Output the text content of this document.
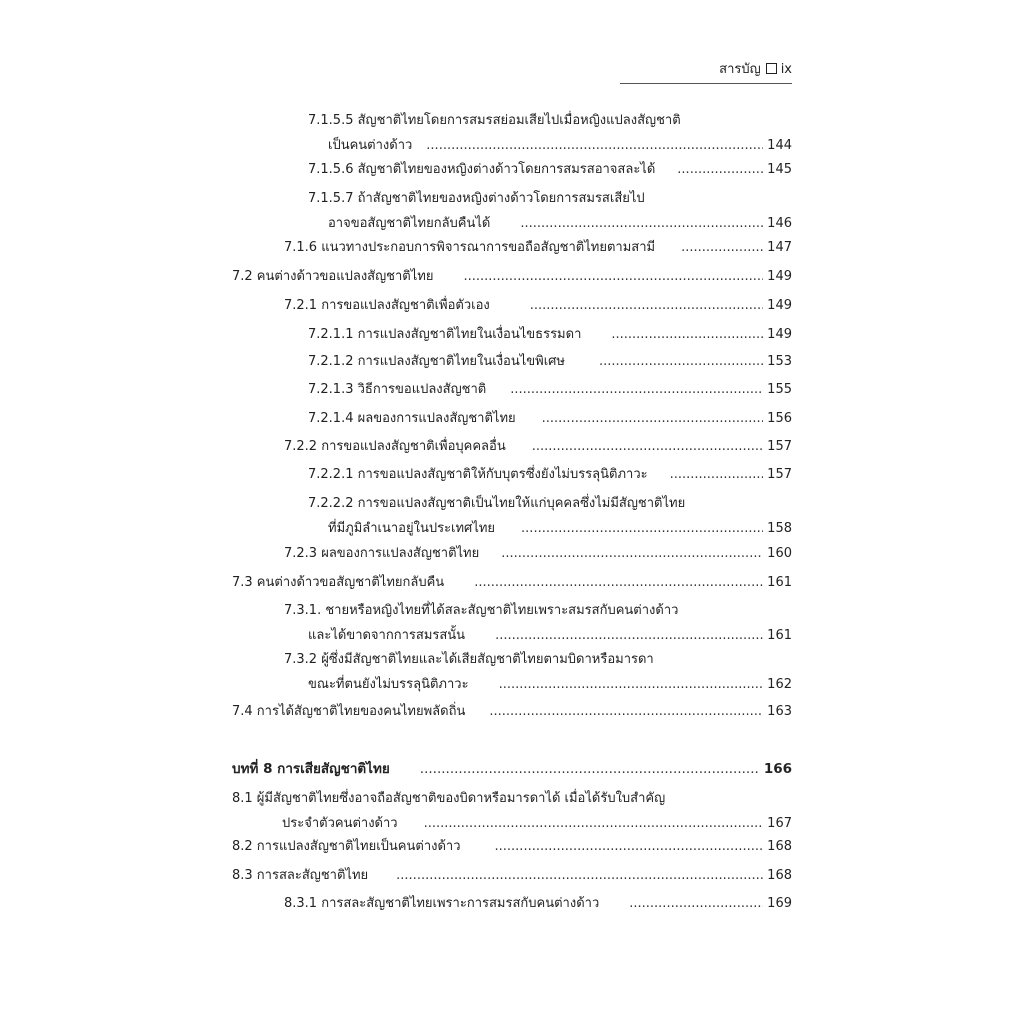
สารบัญ ix
7.1.5.5 สัญชาติไทยโดยการสมรสย่อมเสียไปเมื่อหญิงแปลงสัญชาติ
เป็นคนต่างด้าว .....	144
7.1.5.6 สัญชาติไทยของหญิงต่างด้าวโดยการสมรสอาจสละได้ .....	145
7.1.5.7 ถ้าสัญชาติไทยของหญิงต่างด้าวโดยการสมรสเสียไป
อาจขอสัญชาติไทยกลับคืนได้ .....	146
7.1.6 แนวทางประกอบการพิจารณาการขอถือสัญชาติไทยตามสามี .....	147
7.2 คนต่างด้าวขอแปลงสัญชาติไทย .....	149
7.2.1 การขอแปลงสัญชาติเพื่อตัวเอง .....	149
7.2.1.1 การแปลงสัญชาติไทยในเงื่อนไขธรรมดา .....	149
7.2.1.2 การแปลงสัญชาติไทยในเงื่อนไขพิเศษ .....	153
7.2.1.3 วิธีการขอแปลงสัญชาติ .....	155
7.2.1.4 ผลของการแปลงสัญชาติไทย .....	156
7.2.2 การขอแปลงสัญชาติเพื่อบุคคลอื่น .....	157
7.2.2.1 การขอแปลงสัญชาติให้กับบุตรซึ่งยังไม่บรรลุนิติภาวะ .....	157
7.2.2.2 การขอแปลงสัญชาติเป็นไทยให้แก่บุคคลซึ่งไม่มีสัญชาติไทย
ที่มีภูมิลำเนาอยู่ในประเทศไทย .....	158
7.2.3 ผลของการแปลงสัญชาติไทย .....	160
7.3 คนต่างด้าวขอสัญชาติไทยกลับคืน .....	161
7.3.1. ชายหรือหญิงไทยที่ได้สละสัญชาติไทยเพราะสมรสกับคนต่างด้าว
และได้ขาดจากการสมรสนั้น .....	161
7.3.2 ผู้ซึ่งมีสัญชาติไทยและได้เสียสัญชาติไทยตามบิดาหรือมารดา
ขณะที่ตนยังไม่บรรลุนิติภาวะ .....	162
7.4 การได้สัญชาติไทยของคนไทยพลัดถิ่น .....	163
บทที่ 8 การเสียสัญชาติไทย .....	166
8.1 ผู้มีสัญชาติไทยซึ่งอาจถือสัญชาติของบิดาหรือมารดาได้ เมื่อได้รับใบสำคัญ
ประจำตัวคนต่างด้าว .....	167
8.2 การแปลงสัญชาติไทยเป็นคนต่างด้าว .....	168
8.3 การสละสัญชาติไทย .....	168
8.3.1 การสละสัญชาติไทยเพราะการสมรสกับคนต่างด้าว .....	169
